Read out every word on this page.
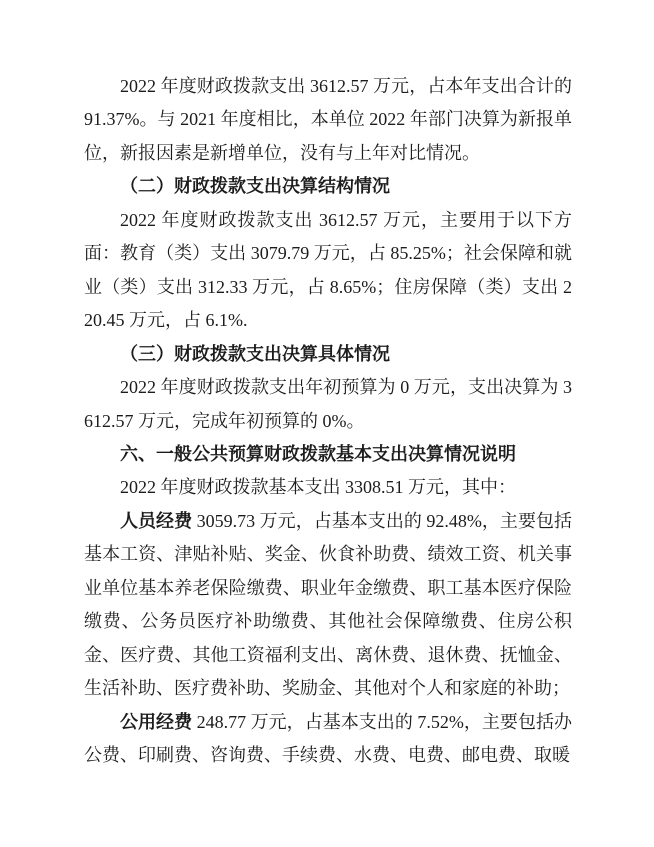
2022 年度财政拨款支出 3612.57 万元，占本年支出合计的 91.37%。与 2021 年度相比，本单位 2022 年部门决算为新报单位，新报因素是新增单位，没有与上年对比情况。

（二）财政拨款支出决算结构情况

2022 年度财政拨款支出 3612.57 万元，主要用于以下方面：教育（类）支出 3079.79 万元，占 85.25%；社会保障和就业（类）支出 312.33 万元，占 8.65%；住房保障（类）支出 220.45 万元，占 6.1%.

（三）财政拨款支出决算具体情况

2022 年度财政拨款支出年初预算为 0 万元，支出决算为 3612.57 万元，完成年初预算的 0%。

六、一般公共预算财政拨款基本支出决算情况说明

2022 年度财政拨款基本支出 3308.51 万元，其中：

人员经费 3059.73 万元，占基本支出的 92.48%，主要包括基本工资、津贴补贴、奖金、伙食补助费、绩效工资、机关事业单位基本养老保险缴费、职业年金缴费、职工基本医疗保险缴费、公务员医疗补助缴费、其他社会保障缴费、住房公积金、医疗费、其他工资福利支出、离休费、退休费、抚恤金、生活补助、医疗费补助、奖励金、其他对个人和家庭的补助；

公用经费 248.77 万元，占基本支出的 7.52%，主要包括办公费、印刷费、咨询费、手续费、水费、电费、邮电费、取暖
